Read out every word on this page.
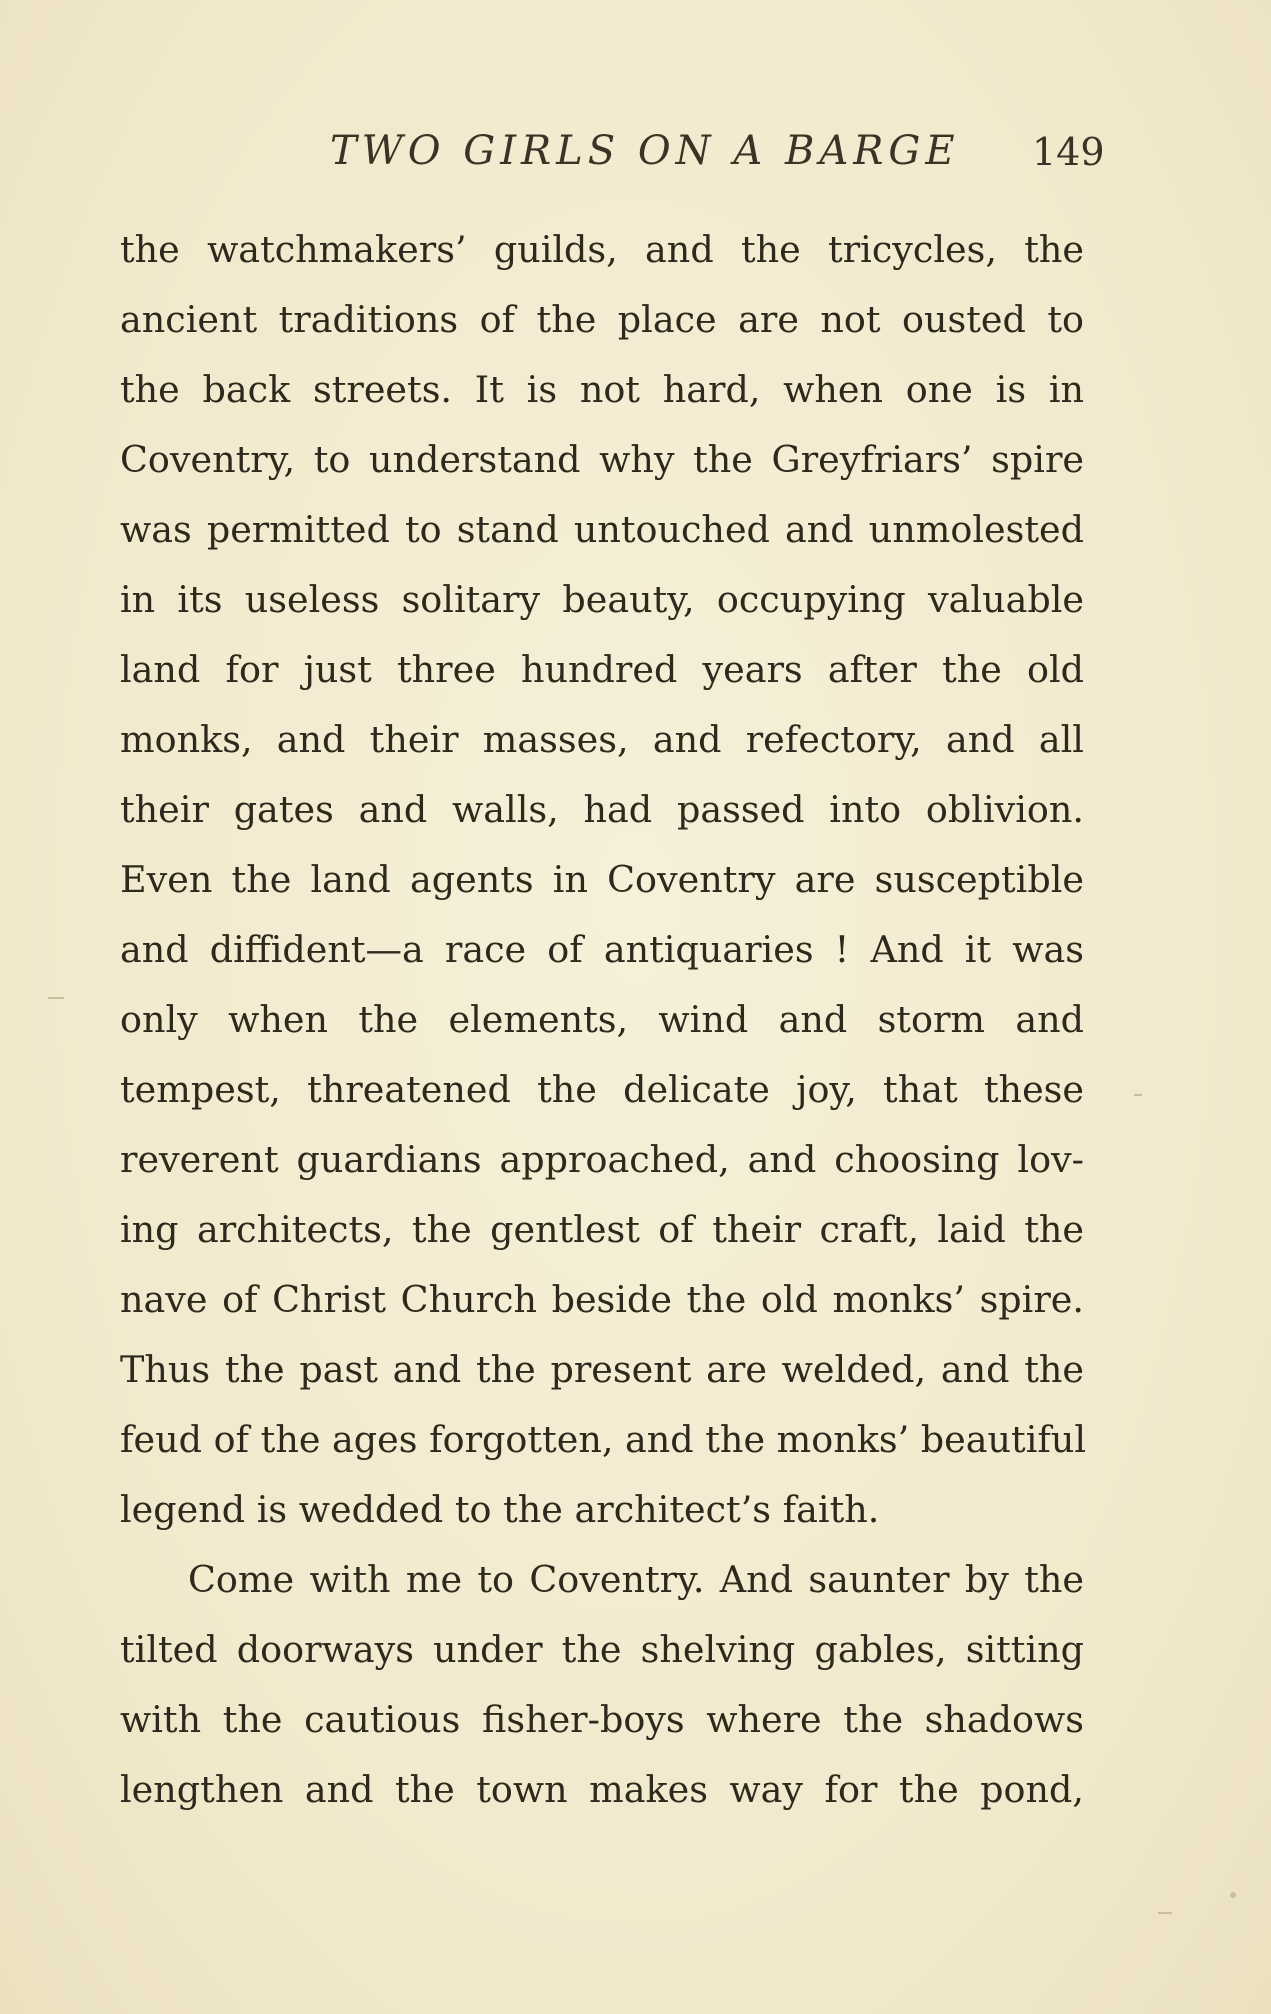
TWO GIRLS ON A BARGE 149
the watchmakers’ guilds, and the tricycles, the
ancient traditions of the place are not ousted to
the back streets. It is not hard, when one is in
Coventry, to understand why the Greyfriars’ spire
was permitted to stand untouched and unmolested
in its useless solitary beauty, occupying valuable
land for just three hundred years after the old
monks, and their masses, and refectory, and all
their gates and walls, had passed into oblivion.
Even the land agents in Coventry are susceptible
and diffident—a race of antiquaries ! And it was
only when the elements, wind and storm and
tempest, threatened the delicate joy, that these
reverent guardians approached, and choosing lov-
ing architects, the gentlest of their craft, laid the
nave of Christ Church beside the old monks’ spire.
Thus the past and the present are welded, and the
feud of the ages forgotten, and the monks’ beautiful
legend is wedded to the architect’s faith.
Come with me to Coventry. And saunter by the
tilted doorways under the shelving gables, sitting
with the cautious fisher-boys where the shadows
lengthen and the town makes way for the pond,
